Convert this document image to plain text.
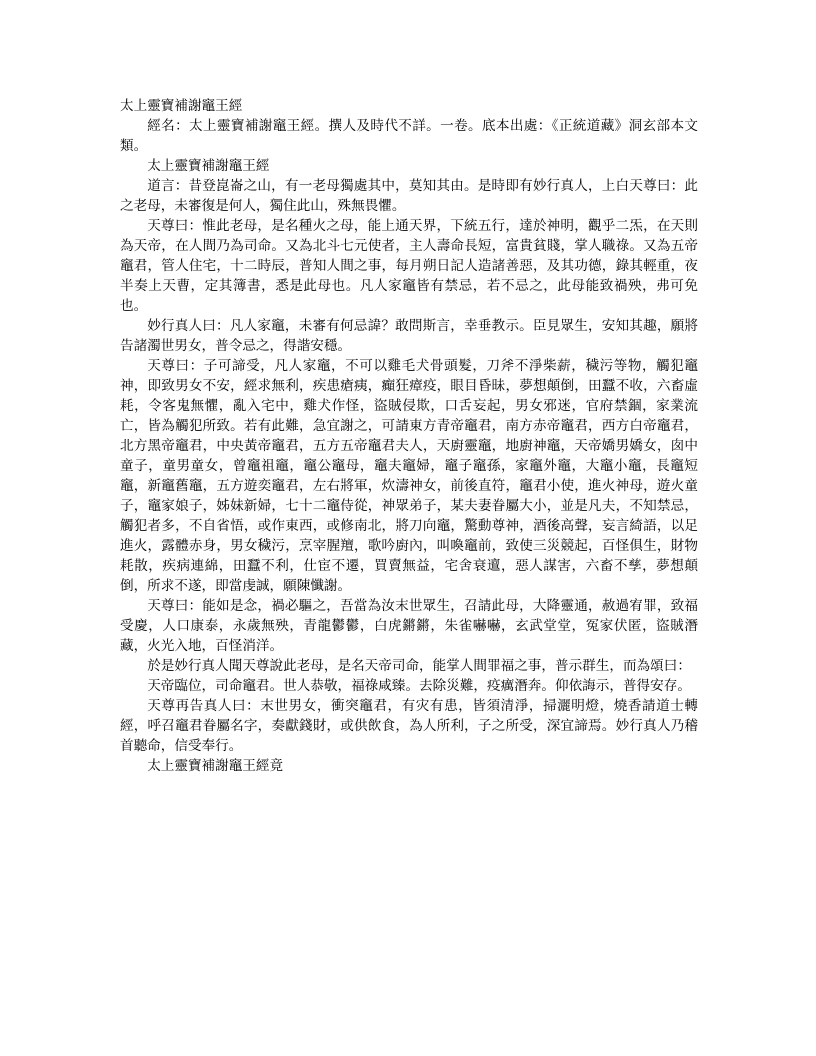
太上靈寶補謝竈王經

經名：太上靈寶補謝竈王經。撰人及時代不詳。一卷。底本出處：《正統道藏》洞玄部本文類。

太上靈寶補謝竈王經

道言：昔登崑崙之山，有一老母獨處其中，莫知其由。是時即有妙行真人，上白天尊曰：此之老母，未審復是何人，獨住此山，殊無畏懼。

天尊曰：惟此老母，是名種火之母，能上通天界，下統五行，達於神明，觀乎二炁，在天則為天帝，在人間乃為司命。又為北斗七元使者，主人壽命長短，富貴貧賤，掌人職祿。又為五帝竈君，管人住宅，十二時辰，普知人間之事，每月朔日記人造諸善惡，及其功德，錄其輕重，夜半奏上天曹，定其簿書，悉是此母也。凡人家竈皆有禁忌，若不忌之，此母能致禍殃，弗可免也。

妙行真人曰：凡人家竈，未審有何忌諱？敢問斯言，幸垂教示。臣見眾生，安知其趣，願將告諸濁世男女，普令忌之，得諧安穩。

天尊曰：子可諦受，凡人家竈，不可以雞毛犬骨頭髮，刀斧不淨柴薪，穢污等物，觸犯竈神，即致男女不安，經求無利，疾患瘡痍，癲狂瘴疫，眼目昏昧，夢想顛倒，田蠶不收，六畜虛耗，令客鬼無懼，亂入宅中，雞犬作怪，盜賊侵欺，口舌妄起，男女邪迷，官府禁錮，家業流亡，皆為觸犯所致。若有此難，急宜謝之，可請東方青帝竈君，南方赤帝竈君，西方白帝竈君，北方黑帝竈君，中央黃帝竈君，五方五帝竈君夫人，天廚靈竈，地廚神竈，天帝嬌男嬌女，囱中童子，童男童女，曾竈祖竈，竈公竈母，竈夫竈婦，竈子竈孫，家竈外竈，大竈小竈，長竈短竈，新竈舊竈，五方遊奕竈君，左右將軍，炊濤神女，前後直符，竈君小使，進火神母，遊火童子，竈家娘子，姊妹新婦，七十二竈侍從，神眾弟子，某夫妻眷屬大小，並是凡夫，不知禁忌，觸犯者多，不自省悟，或作東西，或修南北，將刀向竈，驚動尊神，酒後高聲，妄言綺語，以足進火，露體赤身，男女穢污，烹宰腥羶，歌吟廚內，叫喚竈前，致使三災競起，百怪俱生，財物耗散，疾病連綿，田蠶不利，仕宦不遷，買賣無益，宅舍衰邅，惡人謀害，六畜不孳，夢想顛倒，所求不遂，即當虔誠，願陳懺謝。

天尊曰：能如是念，禍必驅之，吾當為汝末世眾生，召請此母，大降靈通，赦過宥罪，致福受慶，人口康泰，永歲無殃，青龍鬱鬱，白虎鏘鏘，朱雀嚇嚇，玄武堂堂，冤家伏匿，盜賊潛藏，火光入地，百怪消洋。

於是妙行真人聞天尊說此老母，是名天帝司命，能掌人間罪福之事，普示群生，而為頌曰：

天帝臨位，司命竈君。世人恭敬，福祿咸臻。去除災難，疫癘潛奔。仰依誨示，普得安存。

天尊再告真人曰：末世男女，衝突竈君，有灾有患，皆須清淨，掃灑明燈，燒香請道士轉經，呼召竈君眷屬名字，奏獻錢財，或供飲食，為人所利，子之所受，深宜諦焉。妙行真人乃稽首聽命，信受奉行。

太上靈寶補謝竈王經竟
